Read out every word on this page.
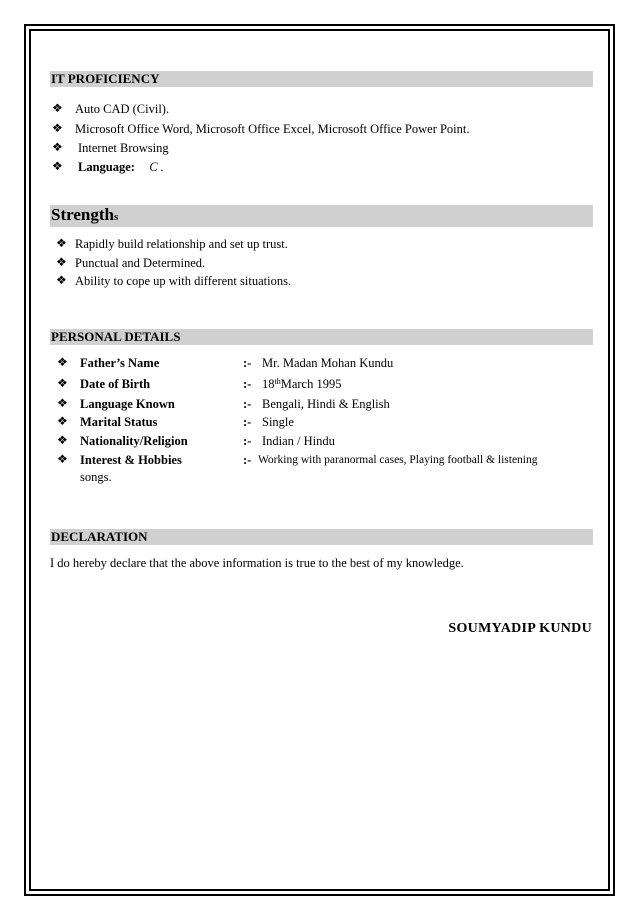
IT PROFICIENCY
❖ Auto CAD (Civil).
❖ Microsoft Office Word, Microsoft Office Excel, Microsoft Office Power Point.
❖ Internet Browsing
❖ Language: C .
Strengths
❖ Rapidly build relationship and set up trust.
❖ Punctual and Determined.
❖ Ability to cope up with different situations.
PERSONAL DETAILS
❖ Father’s Name	:- Mr. Madan Mohan Kundu
❖ Date of Birth	:- 18thMarch 1995
❖ Language Known	:- Bengali, Hindi & English
❖ Marital Status	:- Single
❖ Nationality/Religion	:- Indian / Hindu
❖ Interest & Hobbies	:- Working with paranormal cases, Playing football & listening
songs.
DECLARATION
I do hereby declare that the above information is true to the best of my knowledge.
SOUMYADIP KUNDU
